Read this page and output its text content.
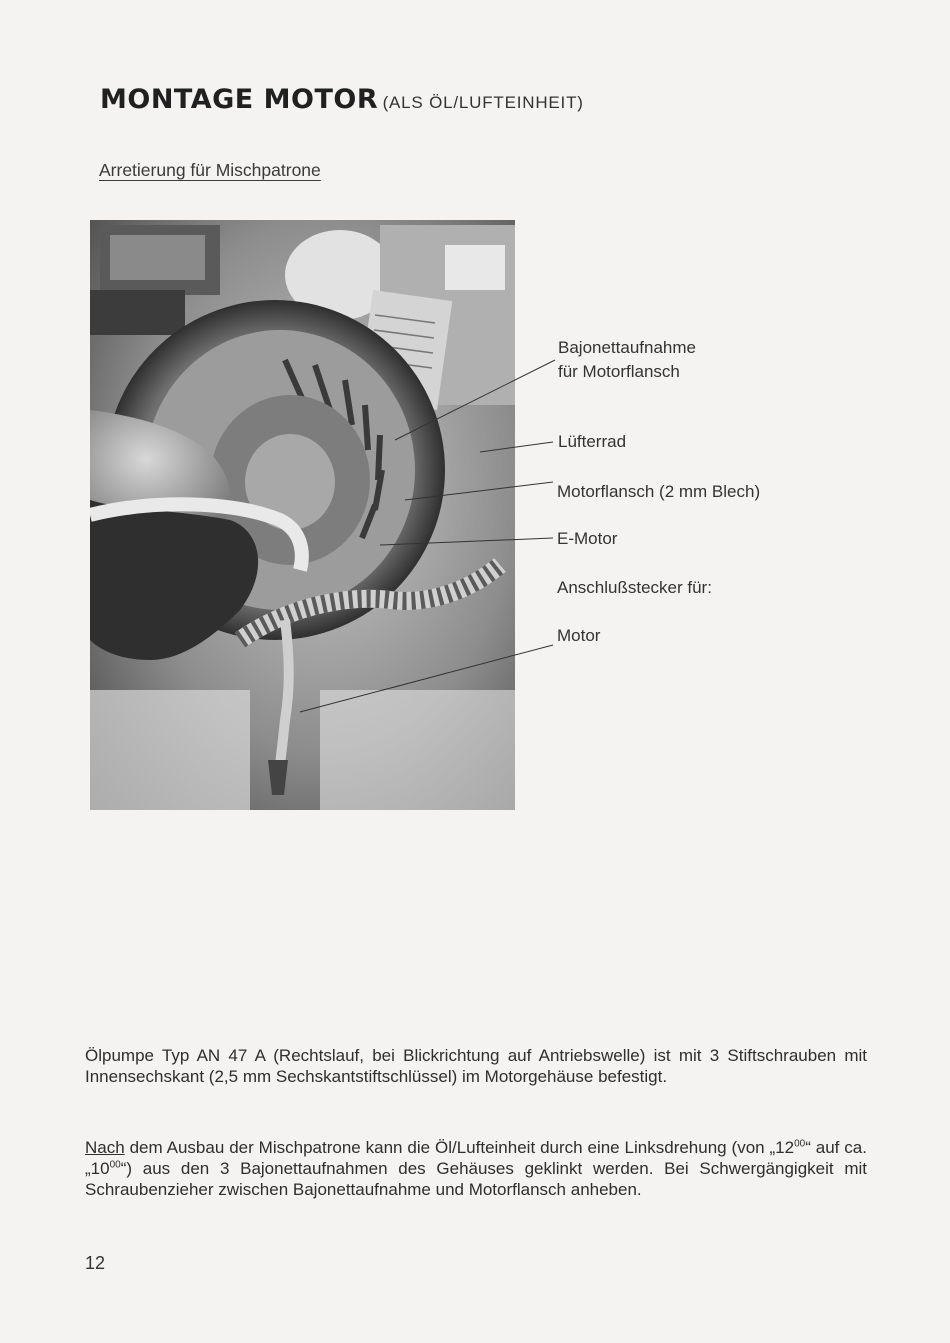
MONTAGE MOTOR (ALS ÖL/LUFTEINHEIT)
Arretierung für Mischpatrone
Bajonettaufnahme
für Motorflansch
Lüfterrad
Motorflansch (2 mm Blech)
E-Motor
Anschlußstecker für:
Motor

Ölpumpe Typ AN 47 A (Rechtslauf, bei Blickrichtung auf Antriebswelle) ist mit 3 Stiftschrauben mit Innensechskant (2,5 mm Sechskantstiftschlüssel) im Motorgehäuse befestigt.

Nach dem Ausbau der Mischpatrone kann die Öl/Lufteinheit durch eine Linksdrehung (von $„12^{00}“$ auf ca. $„10^{00}“$) aus den 3 Bajonettaufnahmen des Gehäuses geklinkt werden. Bei Schwergängigkeit mit Schraubenzieher zwischen Bajonettaufnahme und Motorflansch anheben.

12
